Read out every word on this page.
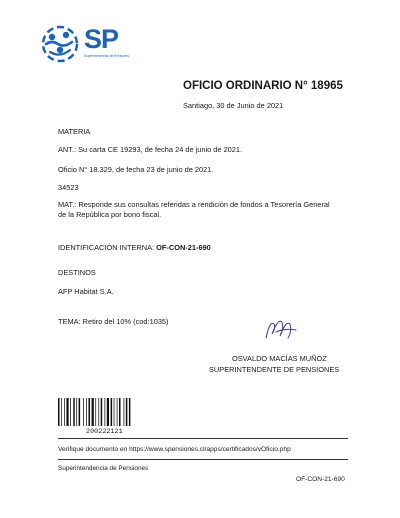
SP
Superintendencia de Pensiones
OFICIO ORDINARIO N° 18965
Santiago, 30 de Junio de 2021
MATERIA
ANT.: Su carta CE 19293, de fecha 24 de junio de 2021.
Oficio N° 18.329, de fecha 23 de junio de 2021.
34523
MAT.: Responde sus consultas referidas a rendición de fondos a Tesorería General
de la República por bono fiscal.
IDENTIFICACIÓN INTERNA: OF-CON-21-690
DESTINOS
AFP Habitat S.A.
TEMA: Retiro del 10% (cod:1035)
OSVALDO MACÍAS MUÑOZ
SUPERINTENDENTE DE PENSIONES
200222121
Verifique documento en https://www.spensiones.cl/apps/certificados/vOficio.php
Superintendencia de Pensiones
OF-CON-21-690
